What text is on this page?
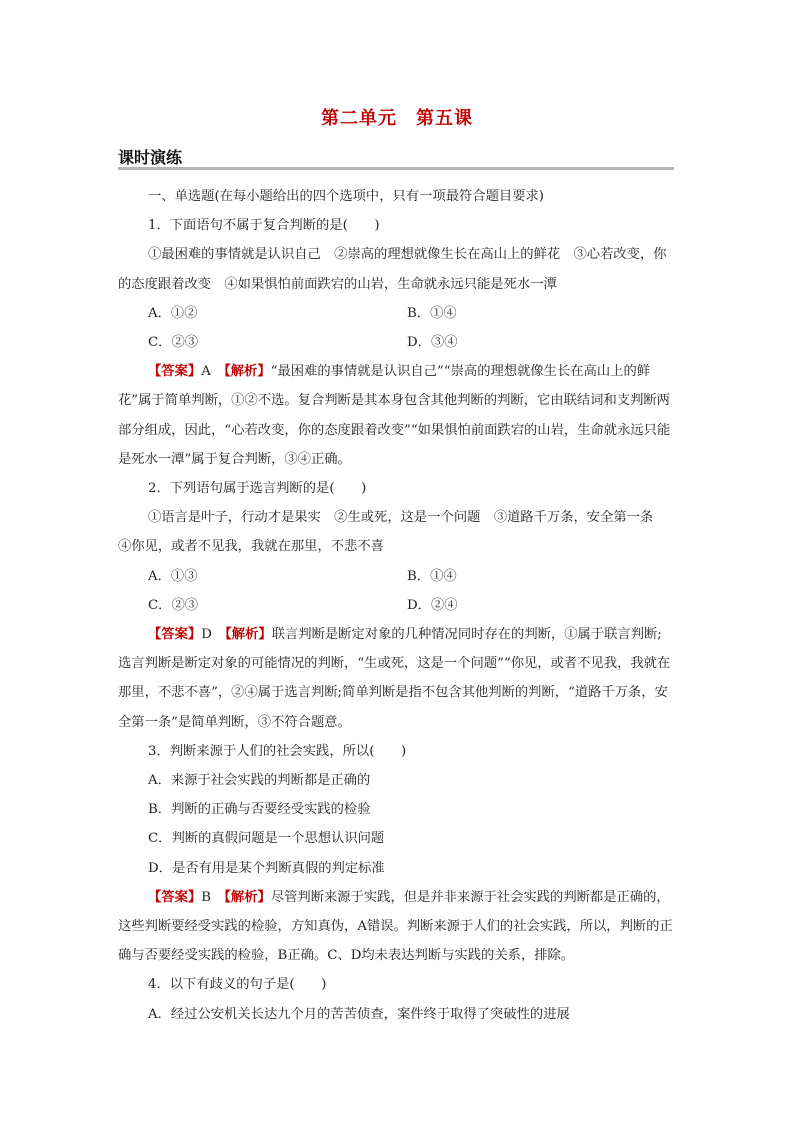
第二单元　第五课
课时演练

一、单选题(在每小题给出的四个选项中，只有一项最符合题目要求)

1．下面语句不属于复合判断的是(　　)

①最困难的事情就是认识自己　②崇高的理想就像生长在高山上的鲜花　③心若改变，你的态度跟着改变　④如果惧怕前面跌宕的山岩，生命就永远只能是死水一潭

A．①②	B．①④
C．②③	D．③④

【答案】A　 【解析】“最困难的事情就是认识自己”“崇高的理想就像生长在高山上的鲜花”属于简单判断，①②不选。复合判断是其本身包含其他判断的判断，它由联结词和支判断两部分组成，因此，“心若改变，你的态度跟着改变”“如果惧怕前面跌宕的山岩，生命就永远只能是死水一潭”属于复合判断，③④正确。

2．下列语句属于选言判断的是(　　)

①语言是叶子，行动才是果实　②生或死，这是一个问题　③道路千万条，安全第一条　④你见，或者不见我，我就在那里，不悲不喜

A．①③	B．①④
C．②③	D．②④

【答案】D　 【解析】联言判断是断定对象的几种情况同时存在的判断，①属于联言判断;选言判断是断定对象的可能情况的判断，“生或死，这是一个问题”“你见，或者不见我，我就在那里，不悲不喜”，②④属于选言判断;简单判断是指不包含其他判断的判断，“道路千万条，安全第一条”是简单判断，③不符合题意。

3．判断来源于人们的社会实践，所以(　　)

A．来源于社会实践的判断都是正确的

B．判断的正确与否要经受实践的检验

C．判断的真假问题是一个思想认识问题

D．是否有用是某个判断真假的判定标准

【答案】B　 【解析】尽管判断来源于实践，但是并非来源于社会实践的判断都是正确的，这些判断要经受实践的检验，方知真伪，A错误。判断来源于人们的社会实践，所以，判断的正确与否要经受实践的检验，B正确。C、D均未表达判断与实践的关系，排除。

4．以下有歧义的句子是(　　)

A．经过公安机关长达九个月的苦苦侦查，案件终于取得了突破性的进展
